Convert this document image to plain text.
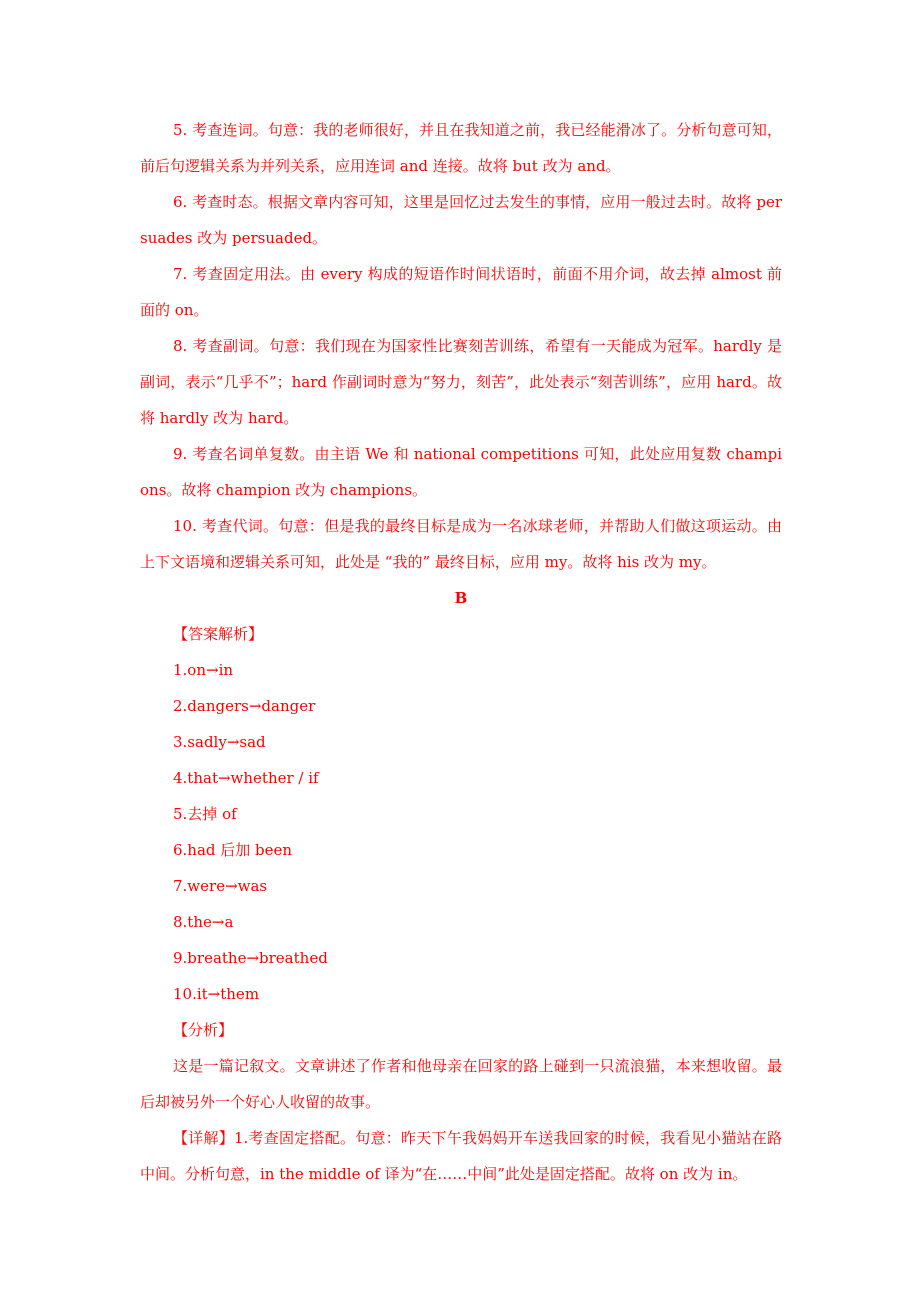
5. 考查连词。句意：我的老师很好，并且在我知道之前，我已经能滑冰了。分析句意可知，前后句逻辑关系为并列关系，应用连词 and 连接。故将 but 改为 and。

6. 考查时态。根据文章内容可知，这里是回忆过去发生的事情，应用一般过去时。故将 persuades 改为 persuaded。

7. 考查固定用法。由 every 构成的短语作时间状语时，前面不用介词，故去掉 almost 前面的 on。

8. 考查副词。句意：我们现在为国家性比赛刻苦训练，希望有一天能成为冠军。hardly 是副词，表示“几乎不”；hard 作副词时意为“努力，刻苦”，此处表示“刻苦训练”，应用 hard。故将 hardly 改为 hard。

9. 考查名词单复数。由主语 We 和 national competitions 可知，此处应用复数 champions。故将 champion 改为 champions。

10. 考查代词。句意：但是我的最终目标是成为一名冰球老师，并帮助人们做这项运动。由上下文语境和逻辑关系可知，此处是 “我的” 最终目标，应用 my。故将 his 改为 my。

B

【答案解析】

1.on→in

2.dangers→danger

3.sadly→sad

4.that→whether / if

5.去掉 of

6.had 后加 been

7.were→was

8.the→a

9.breathe→breathed

10.it→them

【分析】

这是一篇记叙文。文章讲述了作者和他母亲在回家的路上碰到一只流浪猫，本来想收留。最后却被另外一个好心人收留的故事。

【详解】1.考查固定搭配。句意：昨天下午我妈妈开车送我回家的时候，我看见小猫站在路中间。分析句意，in the middle of 译为“在……中间”此处是固定搭配。故将 on 改为 in。
